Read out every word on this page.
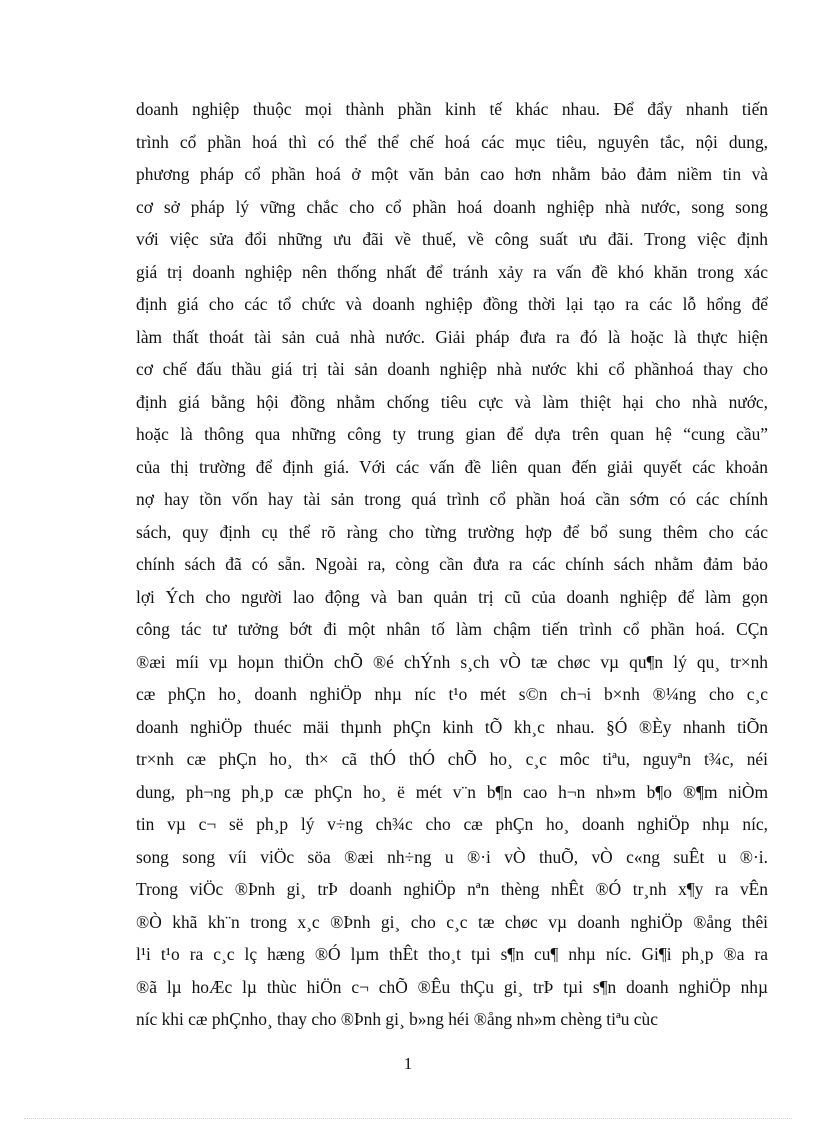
doanh nghiệp thuộc mọi thành phần kinh tế khác nhau. Để đẩy nhanh tiến
trình cổ phần hoá thì có thể thể chế hoá các mục tiêu, nguyên tắc, nội dung,
phương pháp cổ phần hoá ở một văn bản cao hơn nhằm bảo đảm niềm tin và
cơ sở pháp lý vững chắc cho cổ phần hoá doanh nghiệp nhà nước, song song
với việc sửa đổi những ưu đãi về thuế, về công suất ưu đãi. Trong việc định
giá trị doanh nghiệp nên thống nhất để tránh xảy ra vấn đề khó khăn trong xác
định giá cho các tổ chức và doanh nghiệp đồng thời lại tạo ra các lỗ hổng để
làm thất thoát tài sản cuả nhà nước. Giải pháp đưa ra đó là hoặc là thực hiện
cơ chế đấu thầu giá trị tài sản doanh nghiệp nhà nước khi cổ phầnhoá thay cho
định giá bằng hội đồng nhằm chống tiêu cực và làm thiệt hại cho nhà nước,
hoặc là thông qua những công ty trung gian để dựa trên quan hệ “cung cầu”
của thị trường để định giá. Với các vấn đề liên quan đến giải quyết các khoản
nợ hay tồn vốn hay tài sản trong quá trình cổ phần hoá cần sớm có các chính
sách, quy định cụ thể rõ ràng cho từng trường hợp để bổ sung thêm cho các
chính sách đã có sẵn. Ngoài ra, còng cần đưa ra các chính sách nhằm đảm bảo
lợi Ých cho người lao động và ban quản trị cũ của doanh nghiệp để làm gọn
công tác tư tưởng bớt đi một nhân tố làm chậm tiến trình cổ phần hoá. CÇn
®æi míi vµ hoµn thiÖn chÕ ®é chÝnh s¸ch vÒ tæ chøc vµ qu¶n lý qu¸ tr×nh
cæ phÇn ho¸ doanh nghiÖp nhµ níc t¹o mét s©n ch¬i b×nh ®¼ng cho c¸c
doanh nghiÖp thuéc mäi thµnh phÇn kinh tÕ kh¸c nhau. §Ó ®Èy nhanh tiÕn
tr×nh cæ phÇn ho¸ th× cã thÓ thÓ chÕ ho¸ c¸c môc tiªu, nguyªn t¾c, néi
dung, ph¬ng ph¸p cæ phÇn ho¸ ë mét v¨n b¶n cao h¬n nh»m b¶o ®¶m niÒm
tin vµ c¬ së ph¸p lý v÷ng ch¾c cho cæ phÇn ho¸ doanh nghiÖp nhµ níc,
song song víi viÖc söa ®æi nh÷ng u ®·i vÒ thuÕ, vÒ c«ng suÊt u ®·i.
Trong viÖc ®Þnh gi¸ trÞ doanh nghiÖp nªn thèng nhÊt ®Ó tr¸nh x¶y ra vÊn
®Ò khã kh¨n trong x¸c ®Þnh gi¸ cho c¸c tæ chøc vµ doanh nghiÖp ®ång thêi
l¹i t¹o ra c¸c lç hæng ®Ó lµm thÊt tho¸t tµi s¶n cu¶ nhµ níc. Gi¶i ph¸p ®a ra
®ã lµ hoÆc lµ thùc hiÖn c¬ chÕ ®Êu thÇu gi¸ trÞ tµi s¶n doanh nghiÖp nhµ
níc khi cæ phÇnho¸ thay cho ®Þnh gi¸ b»ng héi ®ång nh»m chèng tiªu cùc
1
